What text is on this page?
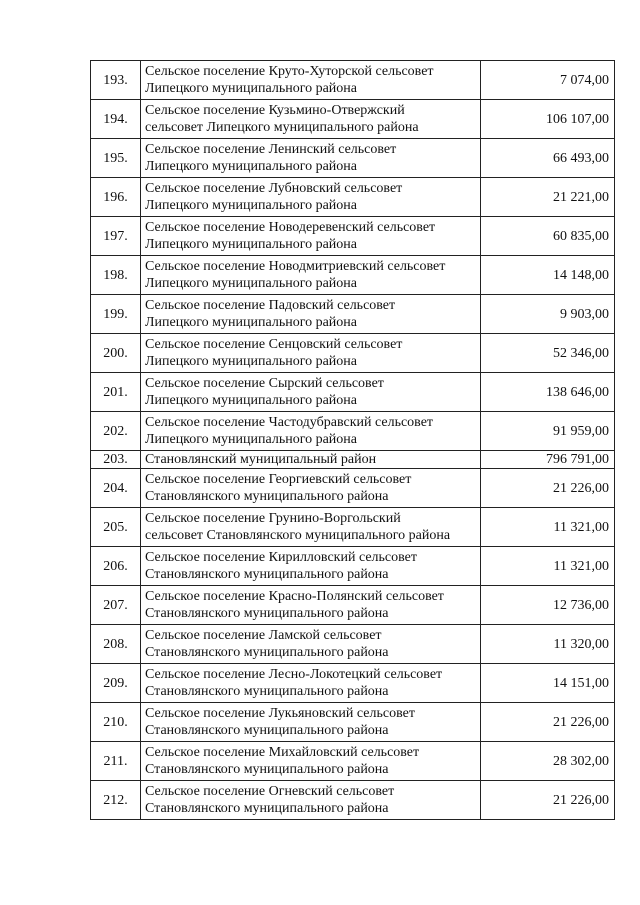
193.	Сельское поселение Круто-Хуторской сельсовет
Липецкого муниципального района	7 074,00
194.	Сельское поселение Кузьмино-Отвержский
сельсовет Липецкого муниципального района	106 107,00
195.	Сельское поселение Ленинский сельсовет
Липецкого муниципального района	66 493,00
196.	Сельское поселение Лубновский сельсовет
Липецкого муниципального района	21 221,00
197.	Сельское поселение Новодеревенский сельсовет
Липецкого муниципального района	60 835,00
198.	Сельское поселение Новодмитриевский сельсовет
Липецкого муниципального района	14 148,00
199.	Сельское поселение Падовский сельсовет
Липецкого муниципального района	9 903,00
200.	Сельское поселение Сенцовский сельсовет
Липецкого муниципального района	52 346,00
201.	Сельское поселение Сырский сельсовет
Липецкого муниципального района	138 646,00
202.	Сельское поселение Частодубравский сельсовет
Липецкого муниципального района	91 959,00
203.	Становлянский муниципальный район	796 791,00
204.	Сельское поселение Георгиевский сельсовет
Становлянского муниципального района	21 226,00
205.	Сельское поселение Грунино-Воргольский
сельсовет Становлянского муниципального района	11 321,00
206.	Сельское поселение Кирилловский сельсовет
Становлянского муниципального района	11 321,00
207.	Сельское поселение Красно-Полянский сельсовет
Становлянского муниципального района	12 736,00
208.	Сельское поселение Ламской сельсовет
Становлянского муниципального района	11 320,00
209.	Сельское поселение Лесно-Локотецкий сельсовет
Становлянского муниципального района	14 151,00
210.	Сельское поселение Лукьяновский сельсовет
Становлянского муниципального района	21 226,00
211.	Сельское поселение Михайловский сельсовет
Становлянского муниципального района	28 302,00
212.	Сельское поселение Огневский сельсовет
Становлянского муниципального района	21 226,00
